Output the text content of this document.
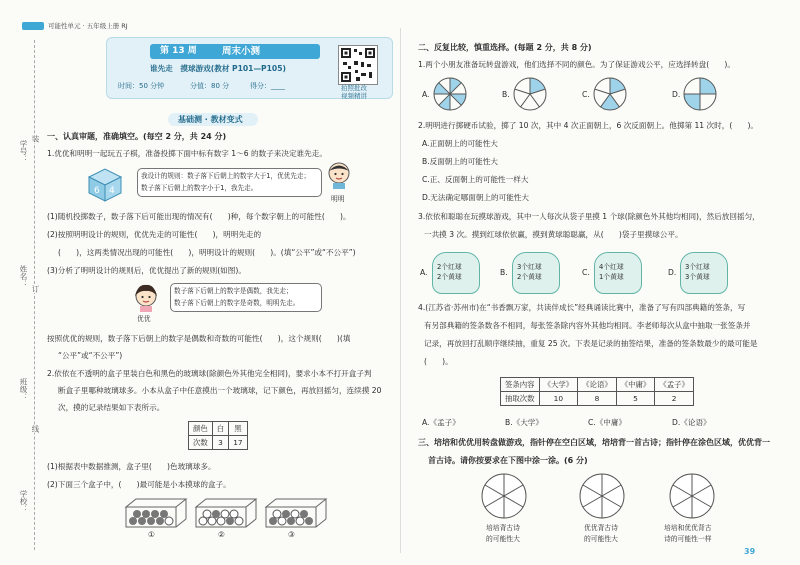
可能性单元 · 五年级上册 RJ
学号：
姓名：
班级：
学校：
装
订
线
第 13 周	周末小测
谁先走　摸球游戏(教材 P101—P105)
时间：50 分钟	分值：80 分	得分：____	拍照批改
视频精讲
基础测 · 教材变式
一、认真审题，准确填空。(每空 2 分，共 24 分)
1.优优和明明一起玩五子棋，准备投掷下面中标有数字 1～6 的数子来决定谁先走。
6 4
我设计的规则：数子落下后朝上的数字大于1，优优先走；
数子落下后朝上的数字小于1，我先走。
明明
(1)随机投掷数子，数子落下后可能出现的情况有(　　)种，每个数字朝上的可能性(　　)。
(2)按照明明设计的规则，优优先走的可能性(　　)，明明先走的
(　　)，这两类情况出现的可能性(　　)，明明设计的规则(　　)。(填“公平”或“不公平”)
(3)分析了明明设计的规则后，优优提出了新的规则(如图)。
优优
数子落下后朝上的数字是偶数，我先走；
数子落下后朝上的数字是奇数，明明先走。
按照优优的规则，数子落下后朝上的数字是偶数和奇数的可能性(　　)，这个规则(　　)(填
“公平”或“不公平”)
2.依依在不透明的盒子里装白色和黑色的玻璃球(除颜色外其他完全相同)，要求小本不打开盒子判
断盒子里哪种玻璃球多。小本从盒子中任意摸出一个玻璃球，记下颜色，再放回摇匀，连续摸 20
次，摸的记录结果如下表所示。
颜色	白	黑
次数	3	17
(1)根据表中数据推测，盒子里(　　)色玻璃球多。
(2)下面三个盒子中，(　　)最可能是小本摸球的盒子。
①	②	③
二、反复比较，慎重选择。(每题 2 分，共 8 分)
1.两个小朋友准备玩转盘游戏，他们选择不同的颜色。为了保证游戏公平，应选择转盘(　　)。
A.	B.	C.	D.
2.明明进行掷硬币试验，掷了 10 次，其中 4 次正面朝上，6 次反面朝上。他掷第 11 次时，(　　)。
A.正面朝上的可能性大
B.反面朝上的可能性大
C.正、反面朝上的可能性一样大
D.无法确定哪面朝上的可能性大
3.依依和聪聪在玩摸球游戏，其中一人每次从袋子里摸 1 个球(除颜色外其他均相同)，然后放回摇匀，
一共摸 3 次。摸到红球依依赢，摸到黄球聪聪赢，从(　　)袋子里摸球公平。
A.
2个红球
2个黄球	B.
3个红球
2个黄球	C.
4个红球
1个黄球	D.
3个红球
3个黄球
4.(江苏省·苏州市)在“书香飘万家，共读伴成长”经典诵读比赛中，准备了写有四部典籍的签条，写
有另部典籍的签条数各不相同，每张签条除内容外其他均相同。李老师每次从盒中抽取一张签条并
记录，再放回打乱顺序继续抽，重复 25 次。下表是记录的抽签结果，准备的签条数最少的最可能是
(　　)。
签条内容	《大学》	《论语》	《中庸》	《孟子》
抽取次数	10	8	5	2
A.《孟子》	B.《大学》	C.《中庸》	D.《论语》
三、培培和优优用转盘做游戏，指针停在空白区域，培培背一首古诗；指针停在涂色区域，优优背一
首古诗。请你按要求在下图中涂一涂。(6 分)
培培背古诗
的可能性大
优优背古诗
的可能性大
培培和优优背古
诗的可能性一样
39
